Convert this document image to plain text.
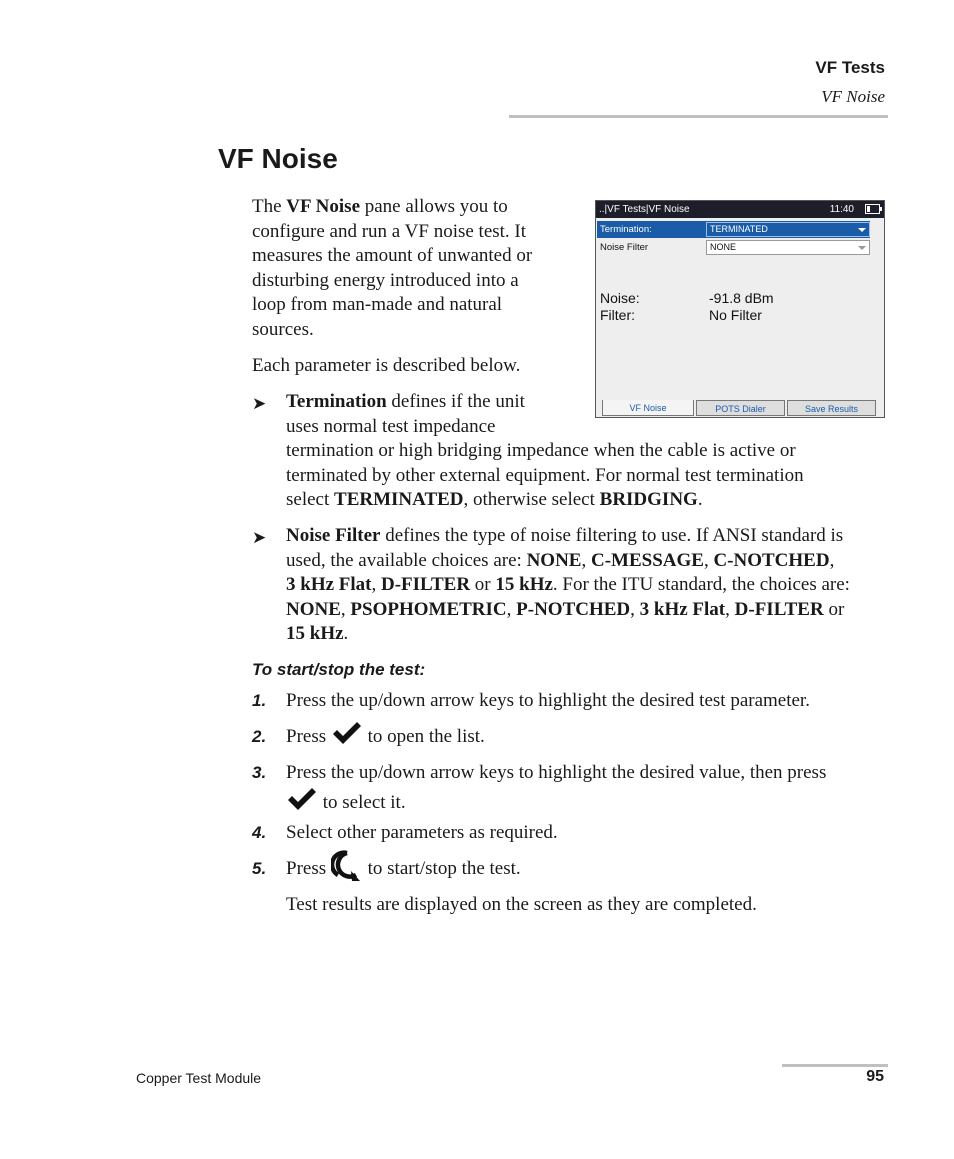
VF Tests
VF Noise
VF Noise
The VF Noise pane allows you to
configure and run a VF noise test. It
measures the amount of unwanted or
disturbing energy introduced into a
loop from man-made and natural
sources.
Each parameter is described below.
➤ Termination defines if the unit
uses normal test impedance
termination or high bridging impedance when the cable is active or
terminated by other external equipment. For normal test termination
select TERMINATED, otherwise select BRIDGING.
➤ Noise Filter defines the type of noise filtering to use. If ANSI standard is
used, the available choices are: NONE, C-MESSAGE, C-NOTCHED,
3 kHz Flat, D-FILTER or 15 kHz. For the ITU standard, the choices are:
NONE, PSOPHOMETRIC, P-NOTCHED, 3 kHz Flat, D-FILTER or
15 kHz.
To start/stop the test:
1. Press the up/down arrow keys to highlight the desired test parameter.
2. Press  to open the list.
3. Press the up/down arrow keys to highlight the desired value, then press
to select it.
4. Select other parameters as required.
5. Press  to start/stop the test.
Test results are displayed on the screen as they are completed.
..|VF Tests|VF Noise	11:40
Termination:	TERMINATED
Noise Filter	NONE
Noise:	-91.8 dBm
Filter:	No Filter
VF Noise	POTS Dialer	Save Results
Copper Test Module	95
